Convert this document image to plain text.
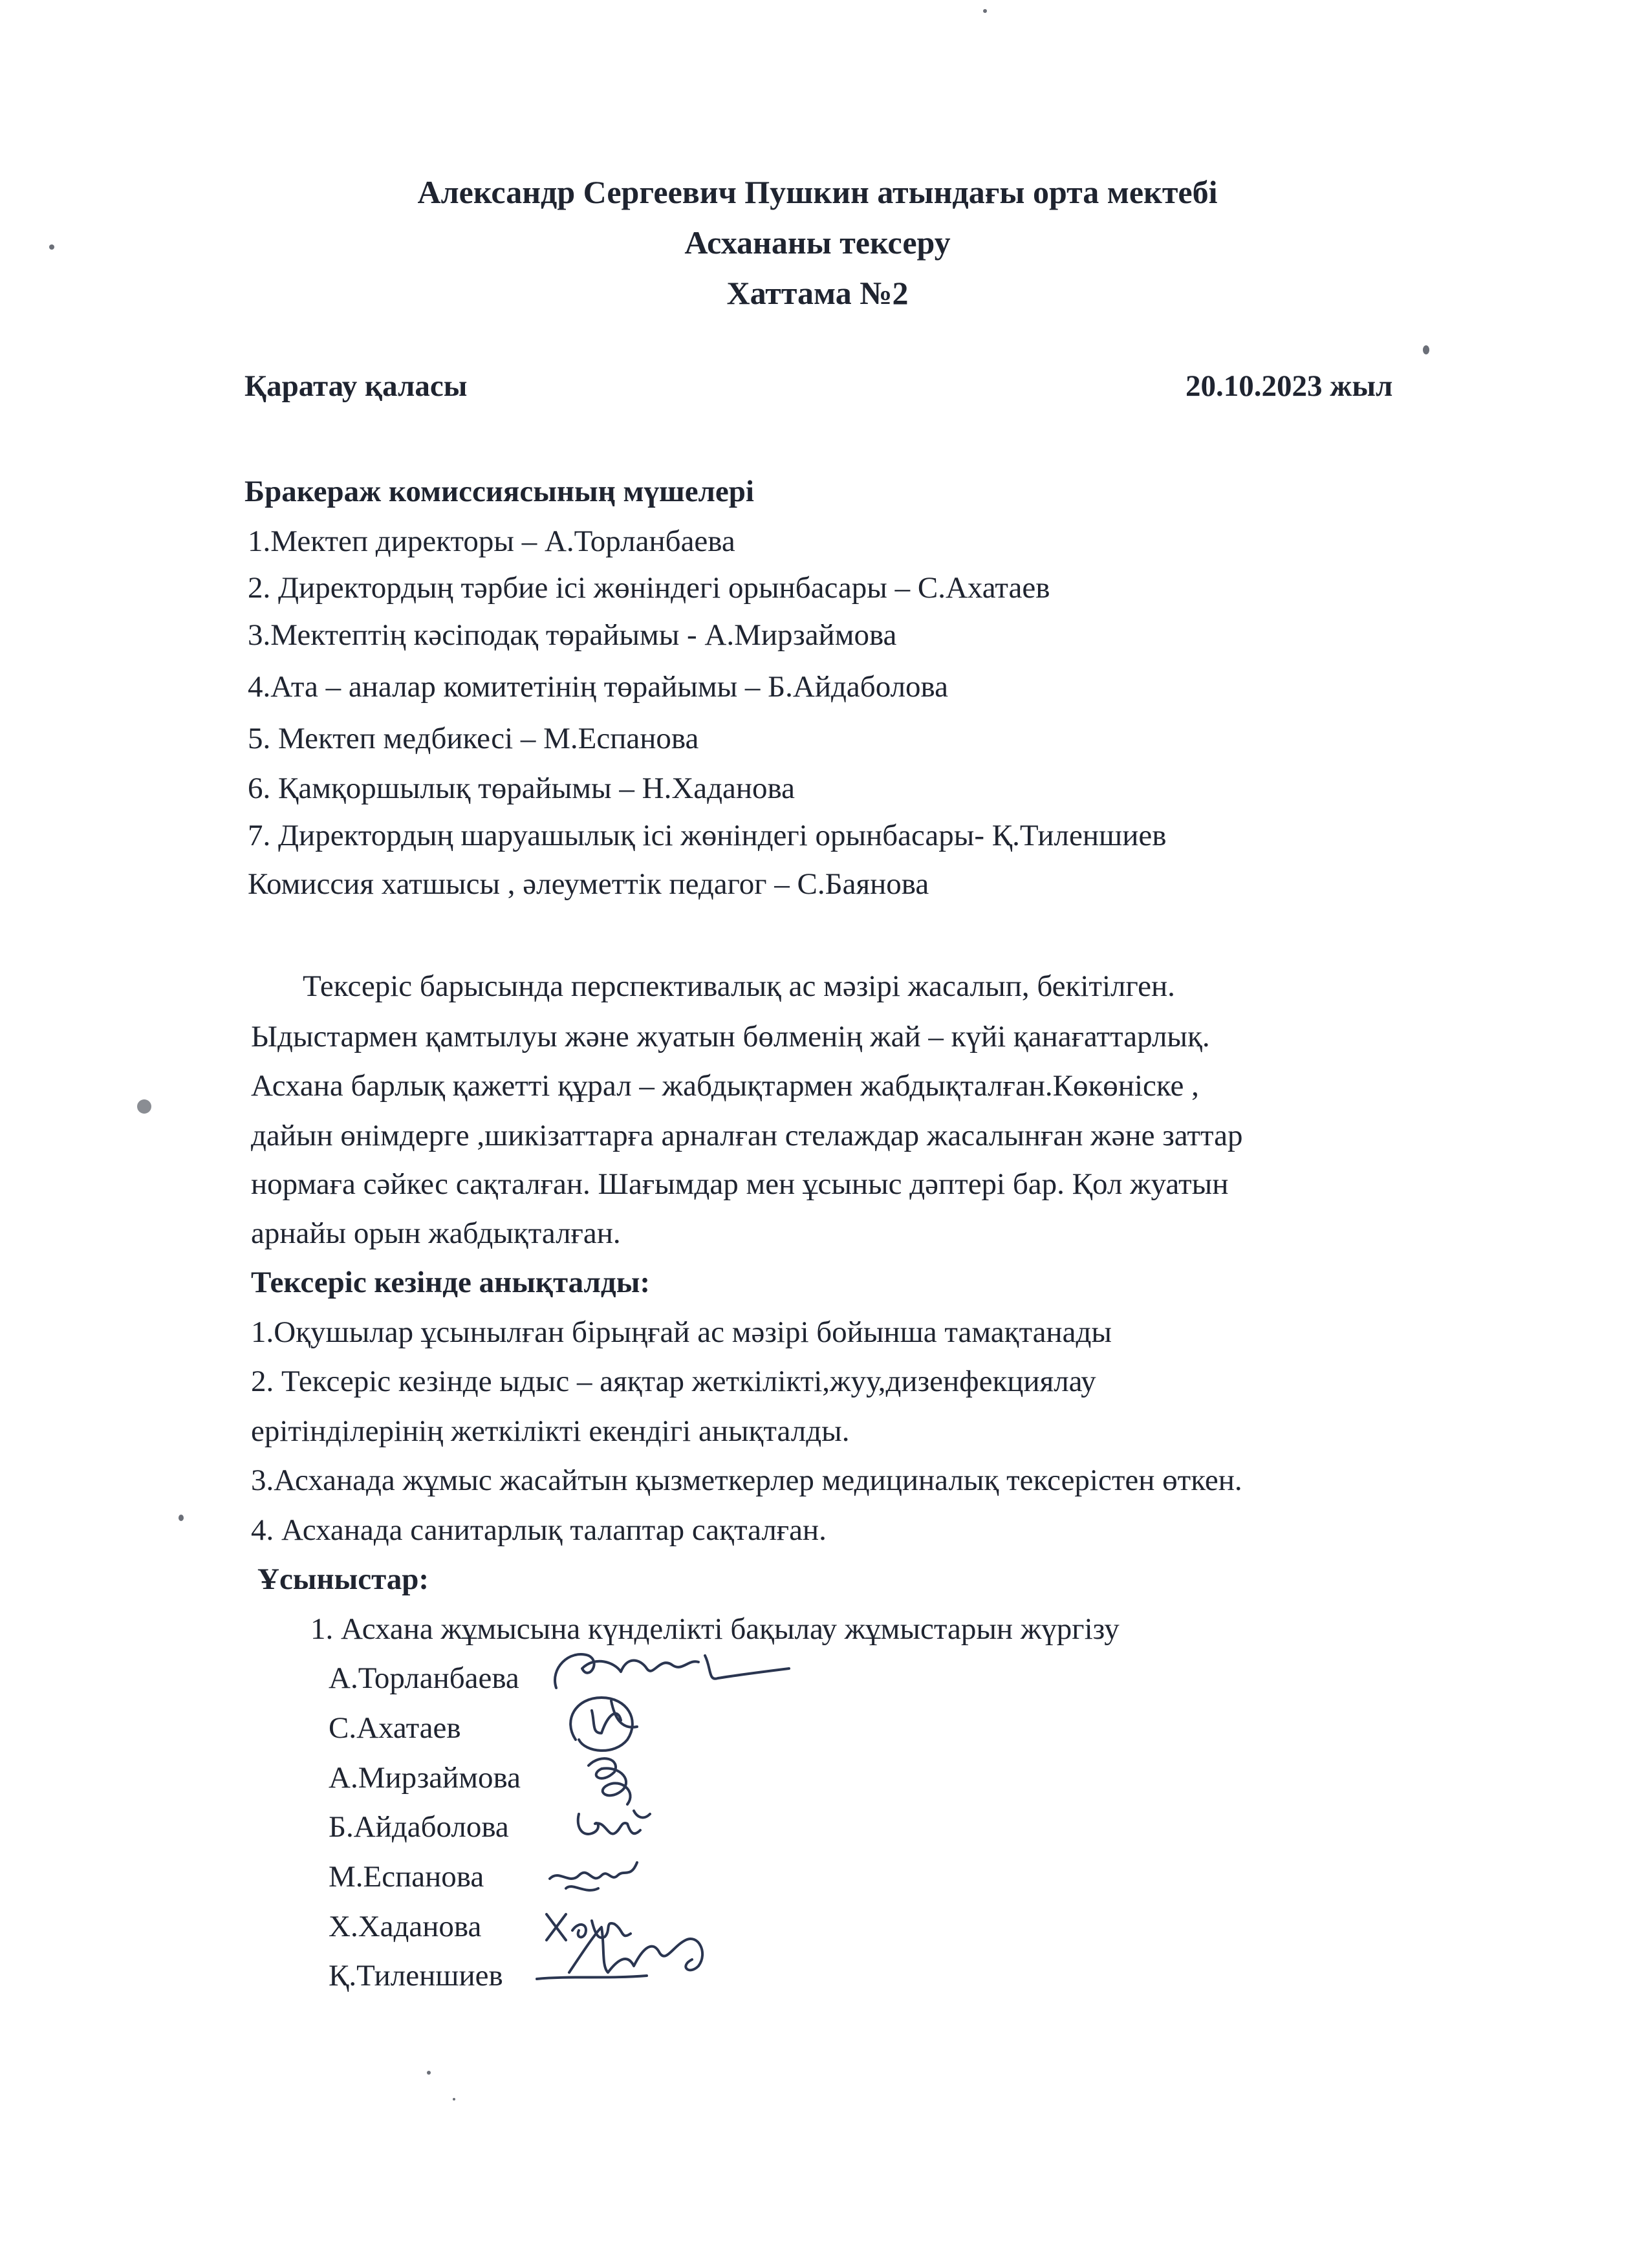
Александр Сергеевич Пушкин атындағы орта мектебі
Асхананы тексеру
Хаттама №2
Қаратау қаласы	20.10.2023 жыл
Бракераж комиссиясының мүшелері
1.Мектеп директоры – А.Торланбаева
2. Директордың тәрбие ісі жөніндегі орынбасары – С.Ахатаев
3.Мектептің кәсіподақ төрайымы - А.Мирзаймова
4.Ата – аналар комитетінің төрайымы – Б.Айдаболова
5. Мектеп медбикесі – М.Еспанова
6. Қамқоршылық төрайымы – Н.Хаданова
7. Директордың шаруашылық ісі жөніндегі орынбасары- Қ.Тиленшиев
Комиссия хатшысы , әлеуметтік педагог – С.Баянова
Тексеріс барысында перспективалық ас мәзірі жасалып, бекітілген.
Ыдыстармен қамтылуы және жуатын бөлменің жай – күйі қанағаттарлық.
Асхана барлық қажетті құрал – жабдықтармен жабдықталған.Көкөніске ,
дайын өнімдерге ,шикізаттарға арналған стелаждар жасалынған және заттар
нормаға сәйкес сақталған. Шағымдар мен ұсыныс дәптері бар. Қол жуатын
арнайы орын жабдықталған.
Тексеріс кезінде анықталды:
1.Оқушылар ұсынылған бірыңғай ас мәзірі бойынша тамақтанады
2. Тексеріс кезінде ыдыс – аяқтар жеткілікті,жуу,дизенфекциялау
ерітінділерінің жеткілікті екендігі анықталды.
3.Асханада жұмыс жасайтын қызметкерлер медициналық тексерістен өткен.
4. Асханада санитарлық талаптар сақталған.
Ұсыныстар:
1. Асхана жұмысына күнделікті бақылау жұмыстарын жүргізу
А.Торланбаева
С.Ахатаев
А.Мирзаймова
Б.Айдаболова
М.Еспанова
Х.Хаданова
Қ.Тиленшиев
